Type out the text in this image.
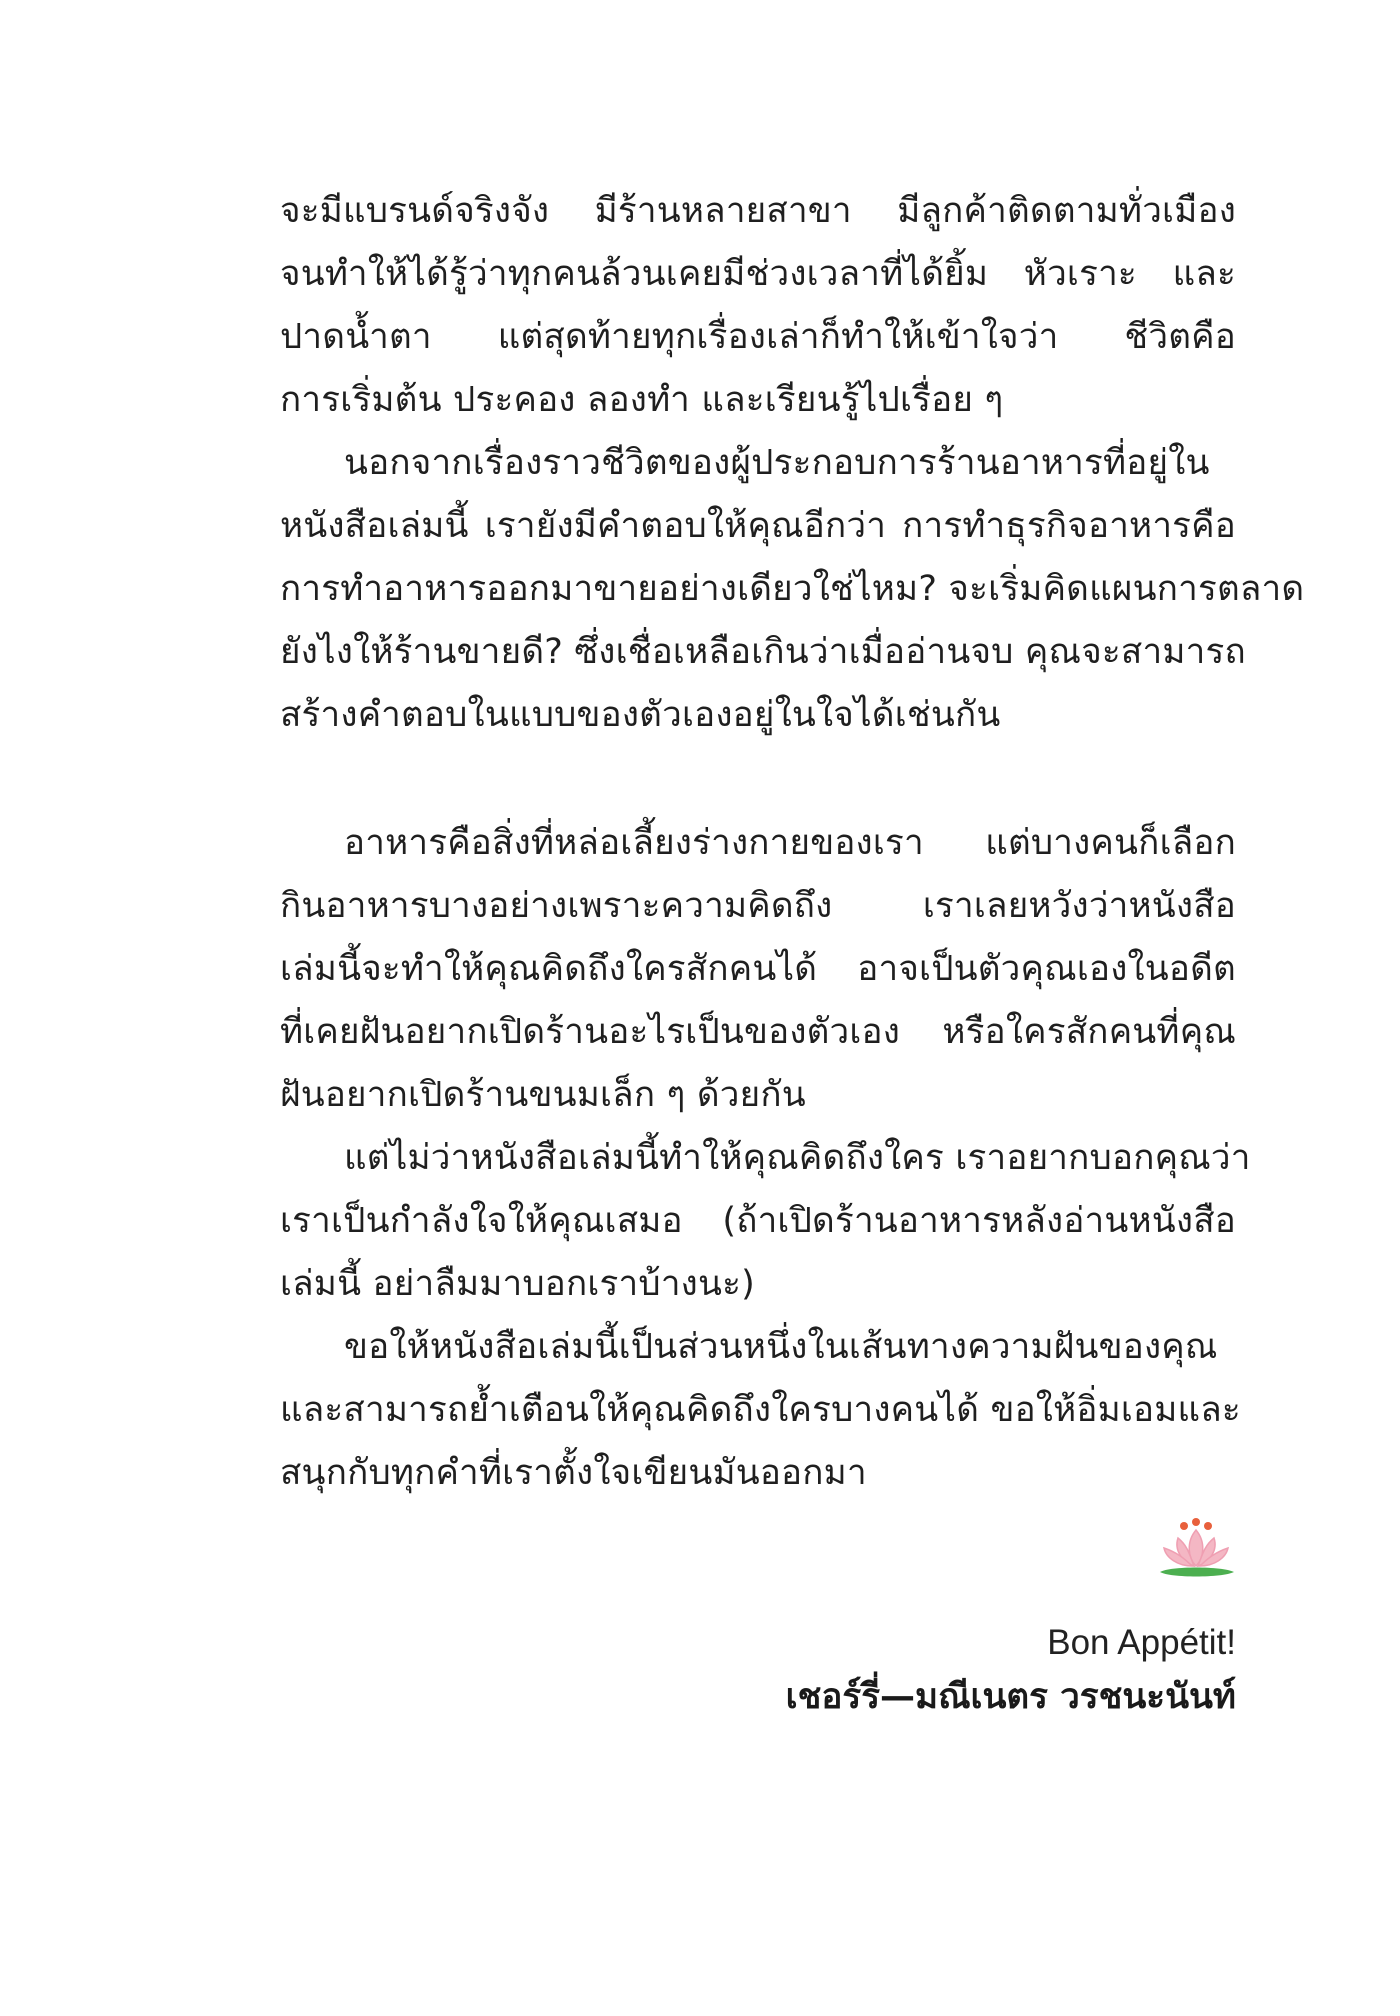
จะมีแบรนด์จริงจัง มีร้านหลายสาขา มีลูกค้าติดตามทั่วเมือง
จนทำให้ได้รู้ว่าทุกคนล้วนเคยมีช่วงเวลาที่ได้ยิ้ม หัวเราะ และ
ปาดน้ำตา แต่สุดท้ายทุกเรื่องเล่าก็ทำให้เข้าใจว่า ชีวิตคือ
การเริ่มต้น ประคอง ลองทำ และเรียนรู้ไปเรื่อย ๆ
นอกจากเรื่องราวชีวิตของผู้ประกอบการร้านอาหารที่อยู่ใน
หนังสือเล่มนี้ เรายังมีคำตอบให้คุณอีกว่า การทำธุรกิจอาหารคือ
การทำอาหารออกมาขายอย่างเดียวใช่ไหม? จะเริ่มคิดแผนการตลาด
ยังไงให้ร้านขายดี? ซึ่งเชื่อเหลือเกินว่าเมื่ออ่านจบ คุณจะสามารถ
สร้างคำตอบในแบบของตัวเองอยู่ในใจได้เช่นกัน
อาหารคือสิ่งที่หล่อเลี้ยงร่างกายของเรา แต่บางคนก็เลือก
กินอาหารบางอย่างเพราะความคิดถึง เราเลยหวังว่าหนังสือ
เล่มนี้จะทำให้คุณคิดถึงใครสักคนได้ อาจเป็นตัวคุณเองในอดีต
ที่เคยฝันอยากเปิดร้านอะไรเป็นของตัวเอง หรือใครสักคนที่คุณ
ฝันอยากเปิดร้านขนมเล็ก ๆ ด้วยกัน
แต่ไม่ว่าหนังสือเล่มนี้ทำให้คุณคิดถึงใคร เราอยากบอกคุณว่า
เราเป็นกำลังใจให้คุณเสมอ (ถ้าเปิดร้านอาหารหลังอ่านหนังสือ
เล่มนี้ อย่าลืมมาบอกเราบ้างนะ)
ขอให้หนังสือเล่มนี้เป็นส่วนหนึ่งในเส้นทางความฝันของคุณ
และสามารถย้ำเตือนให้คุณคิดถึงใครบางคนได้ ขอให้อิ่มเอมและ
สนุกกับทุกคำที่เราตั้งใจเขียนมันออกมา
Bon Appétit!
เชอร์รี่—มณีเนตร วรชนะนันท์
